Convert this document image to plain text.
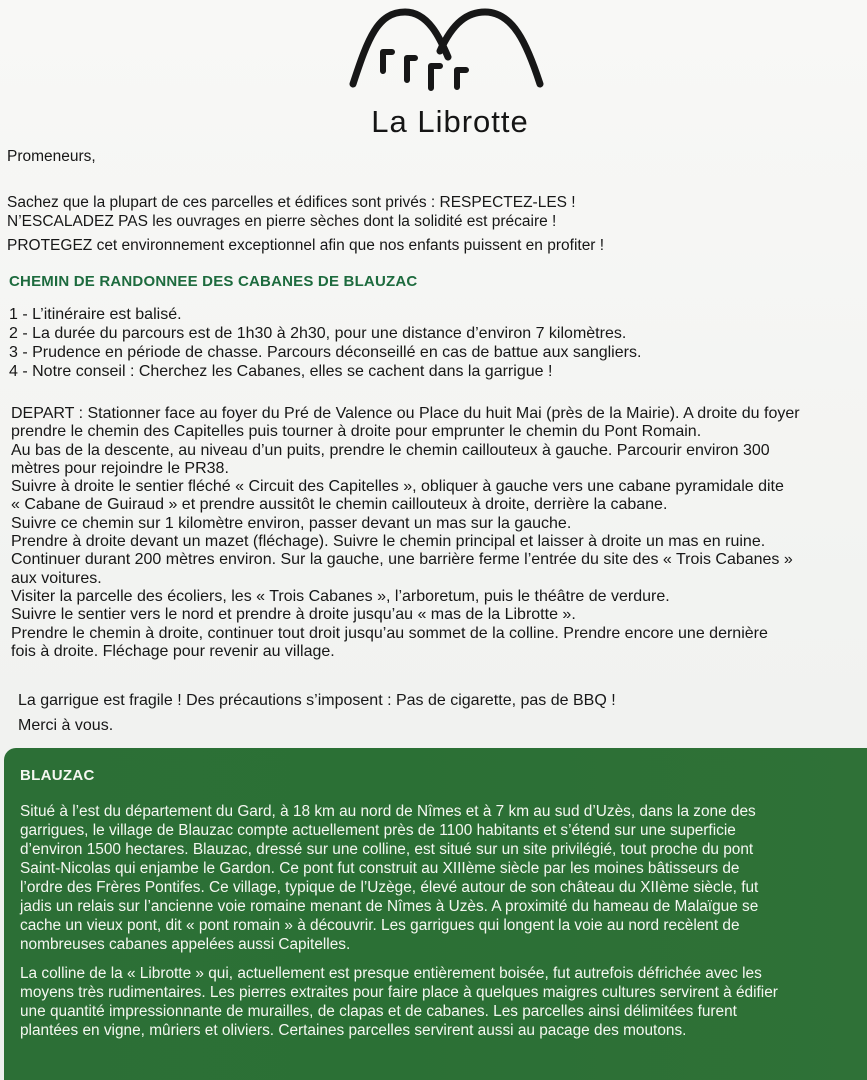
La Librotte
Promeneurs,
Sachez que la plupart de ces parcelles et édifices sont privés : RESPECTEZ-LES !
N’ESCALADEZ PAS les ouvrages en pierre sèches dont la solidité est précaire !
PROTEGEZ cet environnement exceptionnel afin que nos enfants puissent en profiter !
CHEMIN DE RANDONNEE DES CABANES DE BLAUZAC
1 - L’itinéraire est balisé.
2 - La durée du parcours est de 1h30 à 2h30, pour une distance d’environ 7 kilomètres.
3 - Prudence en période de chasse. Parcours déconseillé en cas de battue aux sangliers.
4 - Notre conseil : Cherchez les Cabanes, elles se cachent dans la garrigue !
DEPART : Stationner face au foyer du Pré de Valence ou Place du huit Mai (près de la Mairie). A droite du foyer
prendre le chemin des Capitelles puis tourner à droite pour emprunter le chemin du Pont Romain.
Au bas de la descente, au niveau d’un puits, prendre le chemin caillouteux à gauche. Parcourir environ 300
mètres pour rejoindre le PR38.
Suivre à droite le sentier fléché « Circuit des Capitelles », obliquer à gauche vers une cabane pyramidale dite
« Cabane de Guiraud » et prendre aussitôt le chemin caillouteux à droite, derrière la cabane.
Suivre ce chemin sur 1 kilomètre environ, passer devant un mas sur la gauche.
Prendre à droite devant un mazet (fléchage). Suivre le chemin principal et laisser à droite un mas en ruine.
Continuer durant 200 mètres environ. Sur la gauche, une barrière ferme l’entrée du site des « Trois Cabanes »
aux voitures.
Visiter la parcelle des écoliers, les « Trois Cabanes », l’arboretum, puis le théâtre de verdure.
Suivre le sentier vers le nord et prendre à droite jusqu’au « mas de la Librotte ».
Prendre le chemin à droite, continuer tout droit jusqu’au sommet de la colline. Prendre encore une dernière
fois à droite. Fléchage pour revenir au village.
La garrigue est fragile ! Des précautions s’imposent : Pas de cigarette, pas de BBQ !
Merci à vous.
BLAUZAC
Situé à l’est du département du Gard, à 18 km au nord de Nîmes et à 7 km au sud d’Uzès, dans la zone des
garrigues, le village de Blauzac compte actuellement près de 1100 habitants et s’étend sur une superficie
d’environ 1500 hectares. Blauzac, dressé sur une colline, est situé sur un site privilégié, tout proche du pont
Saint-Nicolas qui enjambe le Gardon. Ce pont fut construit au XIIIème siècle par les moines bâtisseurs de
l’ordre des Frères Pontifes. Ce village, typique de l’Uzège, élevé autour de son château du XIIème siècle, fut
jadis un relais sur l’ancienne voie romaine menant de Nîmes à Uzès. A proximité du hameau de Malaïgue se
cache un vieux pont, dit « pont romain » à découvrir. Les garrigues qui longent la voie au nord recèlent de
nombreuses cabanes appelées aussi Capitelles.
La colline de la « Librotte » qui, actuellement est presque entièrement boisée, fut autrefois défrichée avec les
moyens très rudimentaires. Les pierres extraites pour faire place à quelques maigres cultures servirent à édifier
une quantité impressionnante de murailles, de clapas et de cabanes. Les parcelles ainsi délimitées furent
plantées en vigne, mûriers et oliviers. Certaines parcelles servirent aussi au pacage des moutons.
